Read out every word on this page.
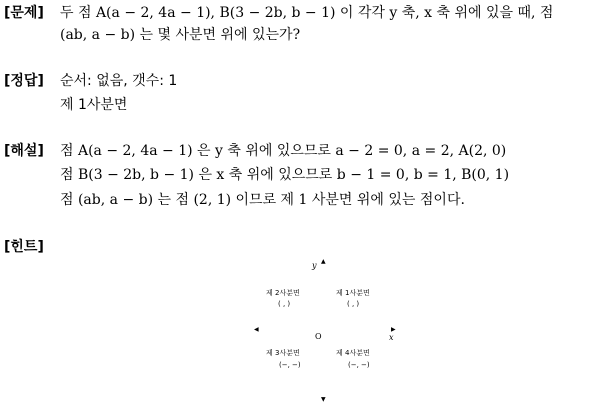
[문제] 두 점 A(a − 2, 4a − 1), B(3 − 2b, b − 1) 이 각각 y 축, x 축 위에 있을 때, 점
(ab, a − b) 는 몇 사분면 위에 있는가?
[정답] 순서: 없음, 갯수: 1
제 1사분면
[해설] 점 A(a − 2, 4a − 1) 은 y 축 위에 있으므로 a − 2 = 0, a = 2, A(2, 0)
점 B(3 − 2b, b − 1) 은 x 축 위에 있으므로 b − 1 = 0, b = 1, B(0, 1)
점 (ab, a − b) 는 점 (2, 1) 이므로 제 1 사분면 위에 있는 점이다.
[힌트]
▲
y
제 2사분면
( , )
제 1사분면
( , )
◀
O
▶
x
제 3사분면
(−, −)
제 4사분면
(−, −)
▼
